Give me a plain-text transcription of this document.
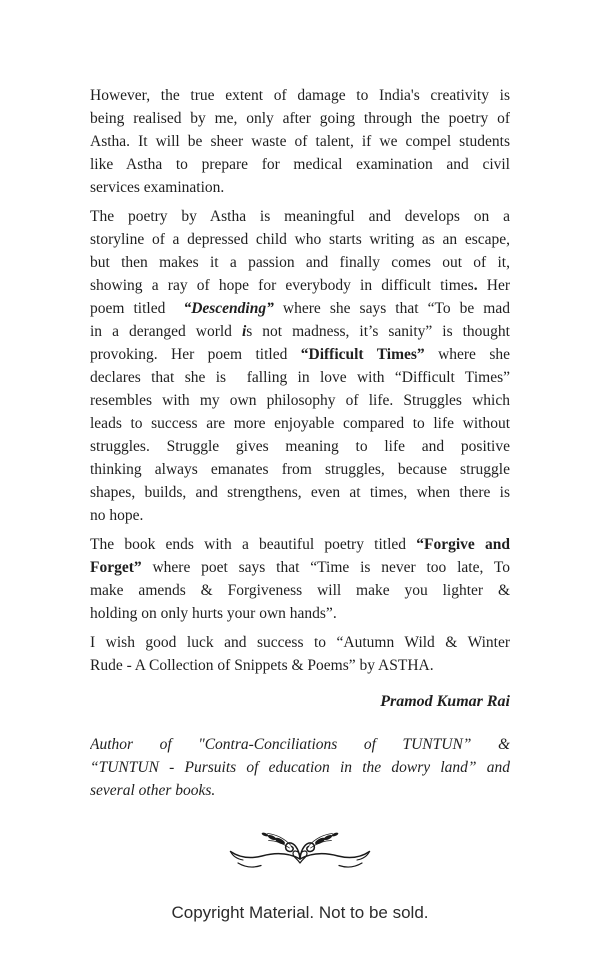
However, the true extent of damage to India's creativity is
being realised by me, only after going through the poetry of
Astha. It will be sheer waste of talent, if we compel students
like Astha to prepare for medical examination and civil
services examination.
The poetry by Astha is meaningful and develops on a
storyline of a depressed child who starts writing as an escape,
but then makes it a passion and finally comes out of it,
showing a ray of hope for everybody in difficult times. Her
poem titled  “Descending” where she says that “To be mad
in a deranged world is not madness, it’s sanity” is thought
provoking. Her poem titled “Difficult Times” where she
declares that she is  falling in love with “Difficult Times”
resembles with my own philosophy of life. Struggles which
leads to success are more enjoyable compared to life without
struggles. Struggle gives meaning to life and positive
thinking always emanates from struggles, because struggle
shapes, builds, and strengthens, even at times, when there is
no hope.
The book ends with a beautiful poetry titled “Forgive and
Forget” where poet says that “Time is never too late, To
make amends & Forgiveness will make you lighter &
holding on only hurts your own hands”.
I wish good luck and success to “Autumn Wild & Winter
Rude - A Collection of Snippets & Poems” by ASTHA.
Pramod Kumar Rai
Author of "Contra-Conciliations of TUNTUN” &
“TUNTUN - Pursuits of education in the dowry land” and
several other books.
Copyright Material. Not to be sold.
